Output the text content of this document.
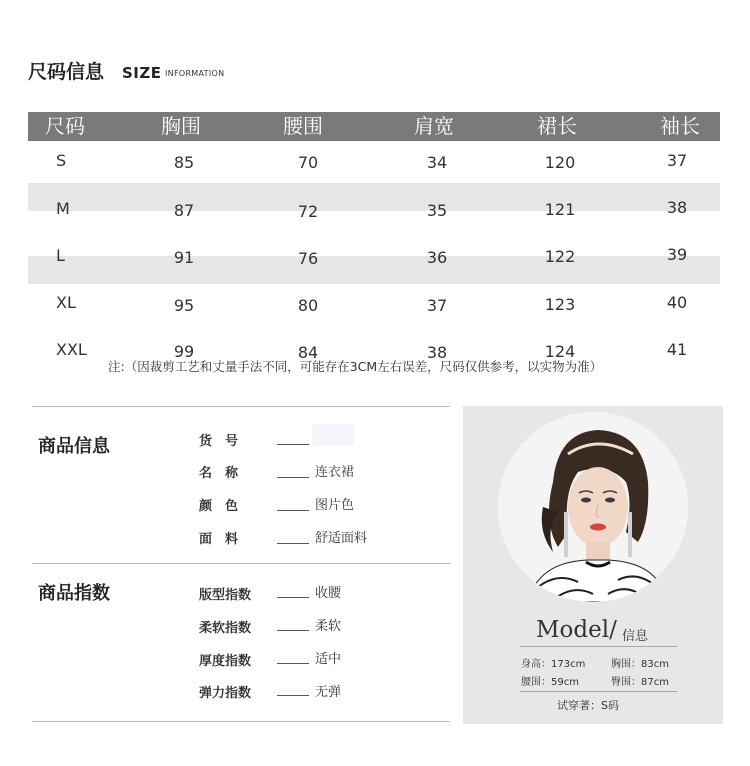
尺码信息 SIZE INFORMATION
尺码	胸围	腰围	肩宽	裙长	袖长
S	85	70	34	120	37
M	87	72	35	121	38
L	91	76	36	122	39
XL	95	80	37	123	40
XXL	99	84	38	124	41
注:（因裁剪工艺和丈量手法不同，可能存在3CM左右误差，尺码仅供参考，以实物为准）
商品信息	货　号
名　称	连衣裙
颜　色	图片色
面　料	舒适面料
商品指数	版型指数	收腰
柔软指数	柔软
厚度指数	适中
弹力指数	无弹
Model/ 信息
身高：173cm	胸围：83cm
腰围：59cm	臀围：87cm
试穿著：S码
